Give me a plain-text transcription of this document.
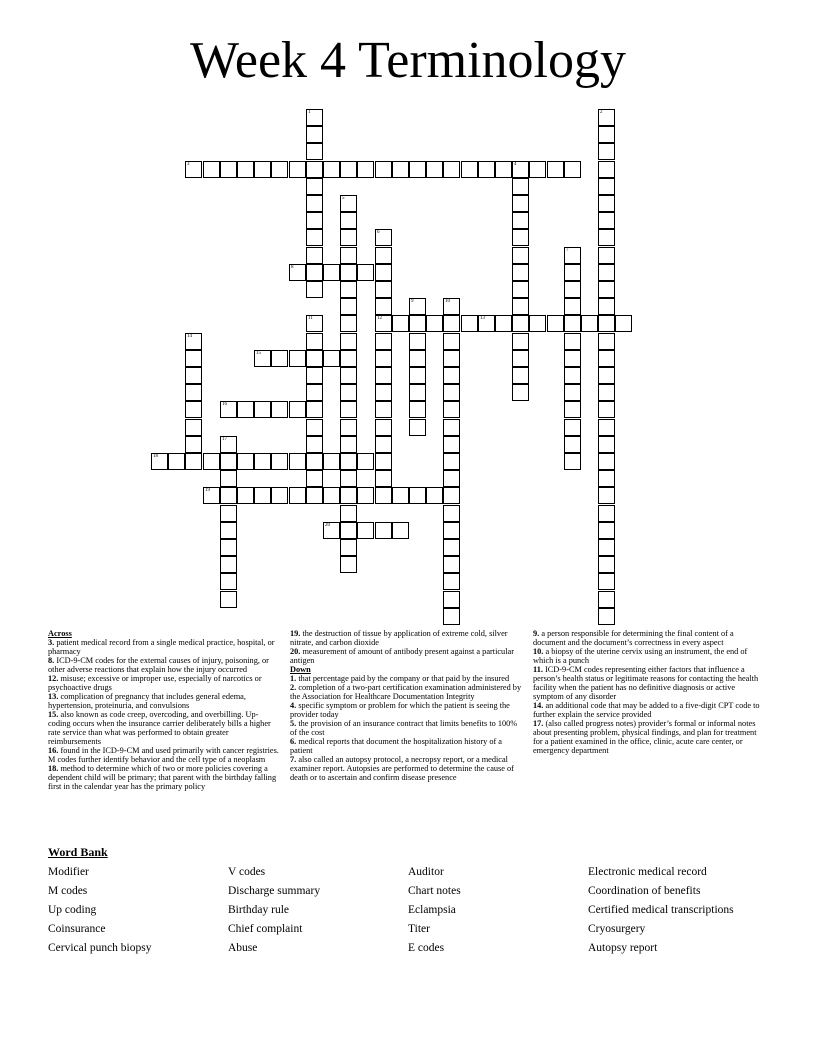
Week 4 Terminology
1	2
3	4
5
6
12
7
8
9	10
11	13
14
15
16
17
18
19
20

Across

3. patient medical record from a single medical practice, hospital, or pharmacy

8. ICD-9-CM codes for the external causes of injury, poisoning, or other adverse reactions that explain how the injury occurred

12. misuse; excessive or improper use, especially of narcotics or psychoactive drugs

13. complication of pregnancy that includes general edema, hypertension, proteinuria, and convulsions

15. also known as code creep, overcoding, and overbilling. Up-coding occurs when the insurance carrier deliberately bills a higher rate service than what was performed to obtain greater reimbursements

16. found in the ICD-9-CM and used primarily with cancer registries. M codes further identify behavior and the cell type of a neoplasm

18. method to determine which of two or more policies covering a dependent child will be primary; that parent with the birthday falling first in the calendar year has the primary policy

19. the destruction of tissue by application of extreme cold, silver nitrate, and carbon dioxide

20. measurement of amount of antibody present against a particular antigen

Down

1. that percentage paid by the company or that paid by the insured

2. completion of a two-part certification examination administered by the Association for Healthcare Documentation Integrity

4. specific symptom or problem for which the patient is seeing the provider today

5. the provision of an insurance contract that limits benefits to 100% of the cost

6. medical reports that document the hospitalization history of a patient

7. also called an autopsy protocol, a necropsy report, or a medical examiner report. Autopsies are performed to determine the cause of death or to ascertain and confirm disease presence

9. a person responsible for determining the final content of a document and the document’s correctness in every aspect

10. a biopsy of the uterine cervix using an instrument, the end of which is a punch

11. ICD-9-CM codes representing either factors that influence a person’s health status or legitimate reasons for contacting the health facility when the patient has no definitive diagnosis or active symptom of any disorder

14. an additional code that may be added to a five-digit CPT code to further explain the service provided

17. (also called progress notes) provider’s formal or informal notes about presenting problem, physical findings, and plan for treatment for a patient examined in the office, clinic, acute care center, or emergency department

Word Bank
Modifier
M codes
Up coding
Coinsurance
Cervical punch biopsy
V codes
Discharge summary
Birthday rule
Chief complaint
Abuse
Auditor
Chart notes
Eclampsia
Titer
E codes
Electronic medical record
Coordination of benefits
Certified medical transcriptions
Cryosurgery
Autopsy report
